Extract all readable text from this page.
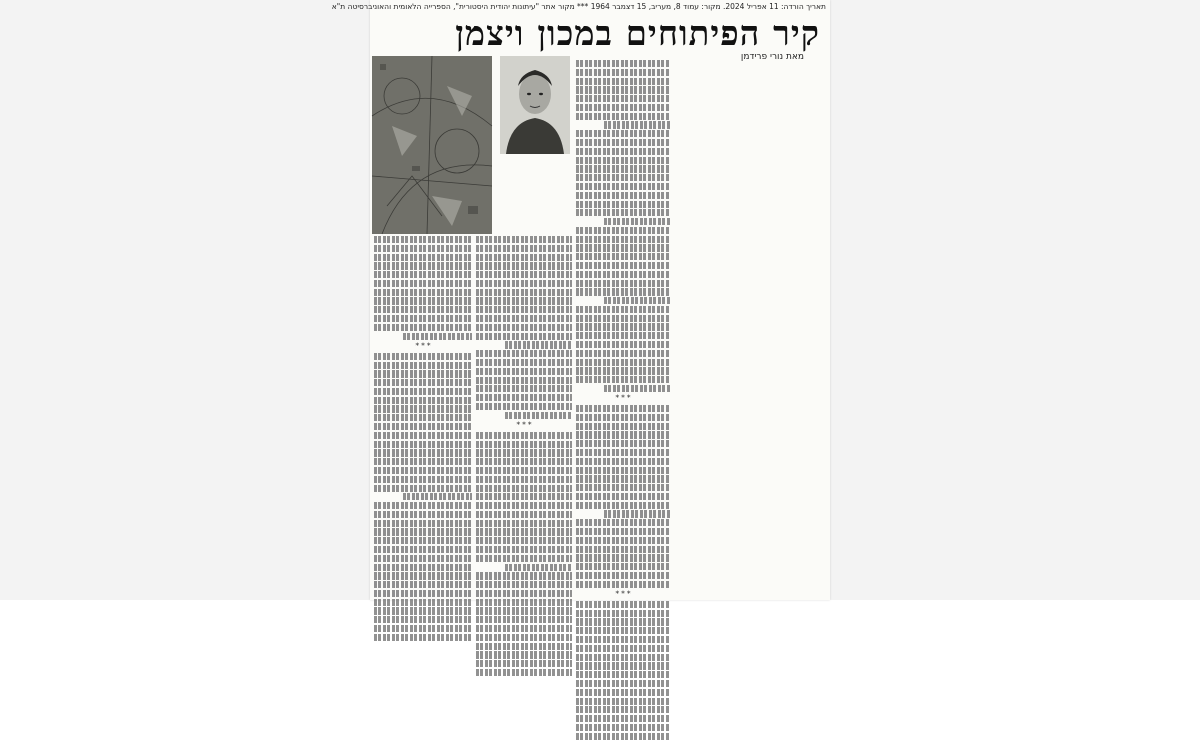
תאריך הורדה: 11 אפריל 2024. מקור: עמוד 8, מעריב, 15 דצמבר 1964 *** מקור אתר "עיתונות יהודית היסטורית", הספרייה הלאומית והאוניברסיטה ת"א
קיר הפיתוחים במכון ויצמן
מאת נורי פרידמן
* * *
* * *
* * *
* * *
